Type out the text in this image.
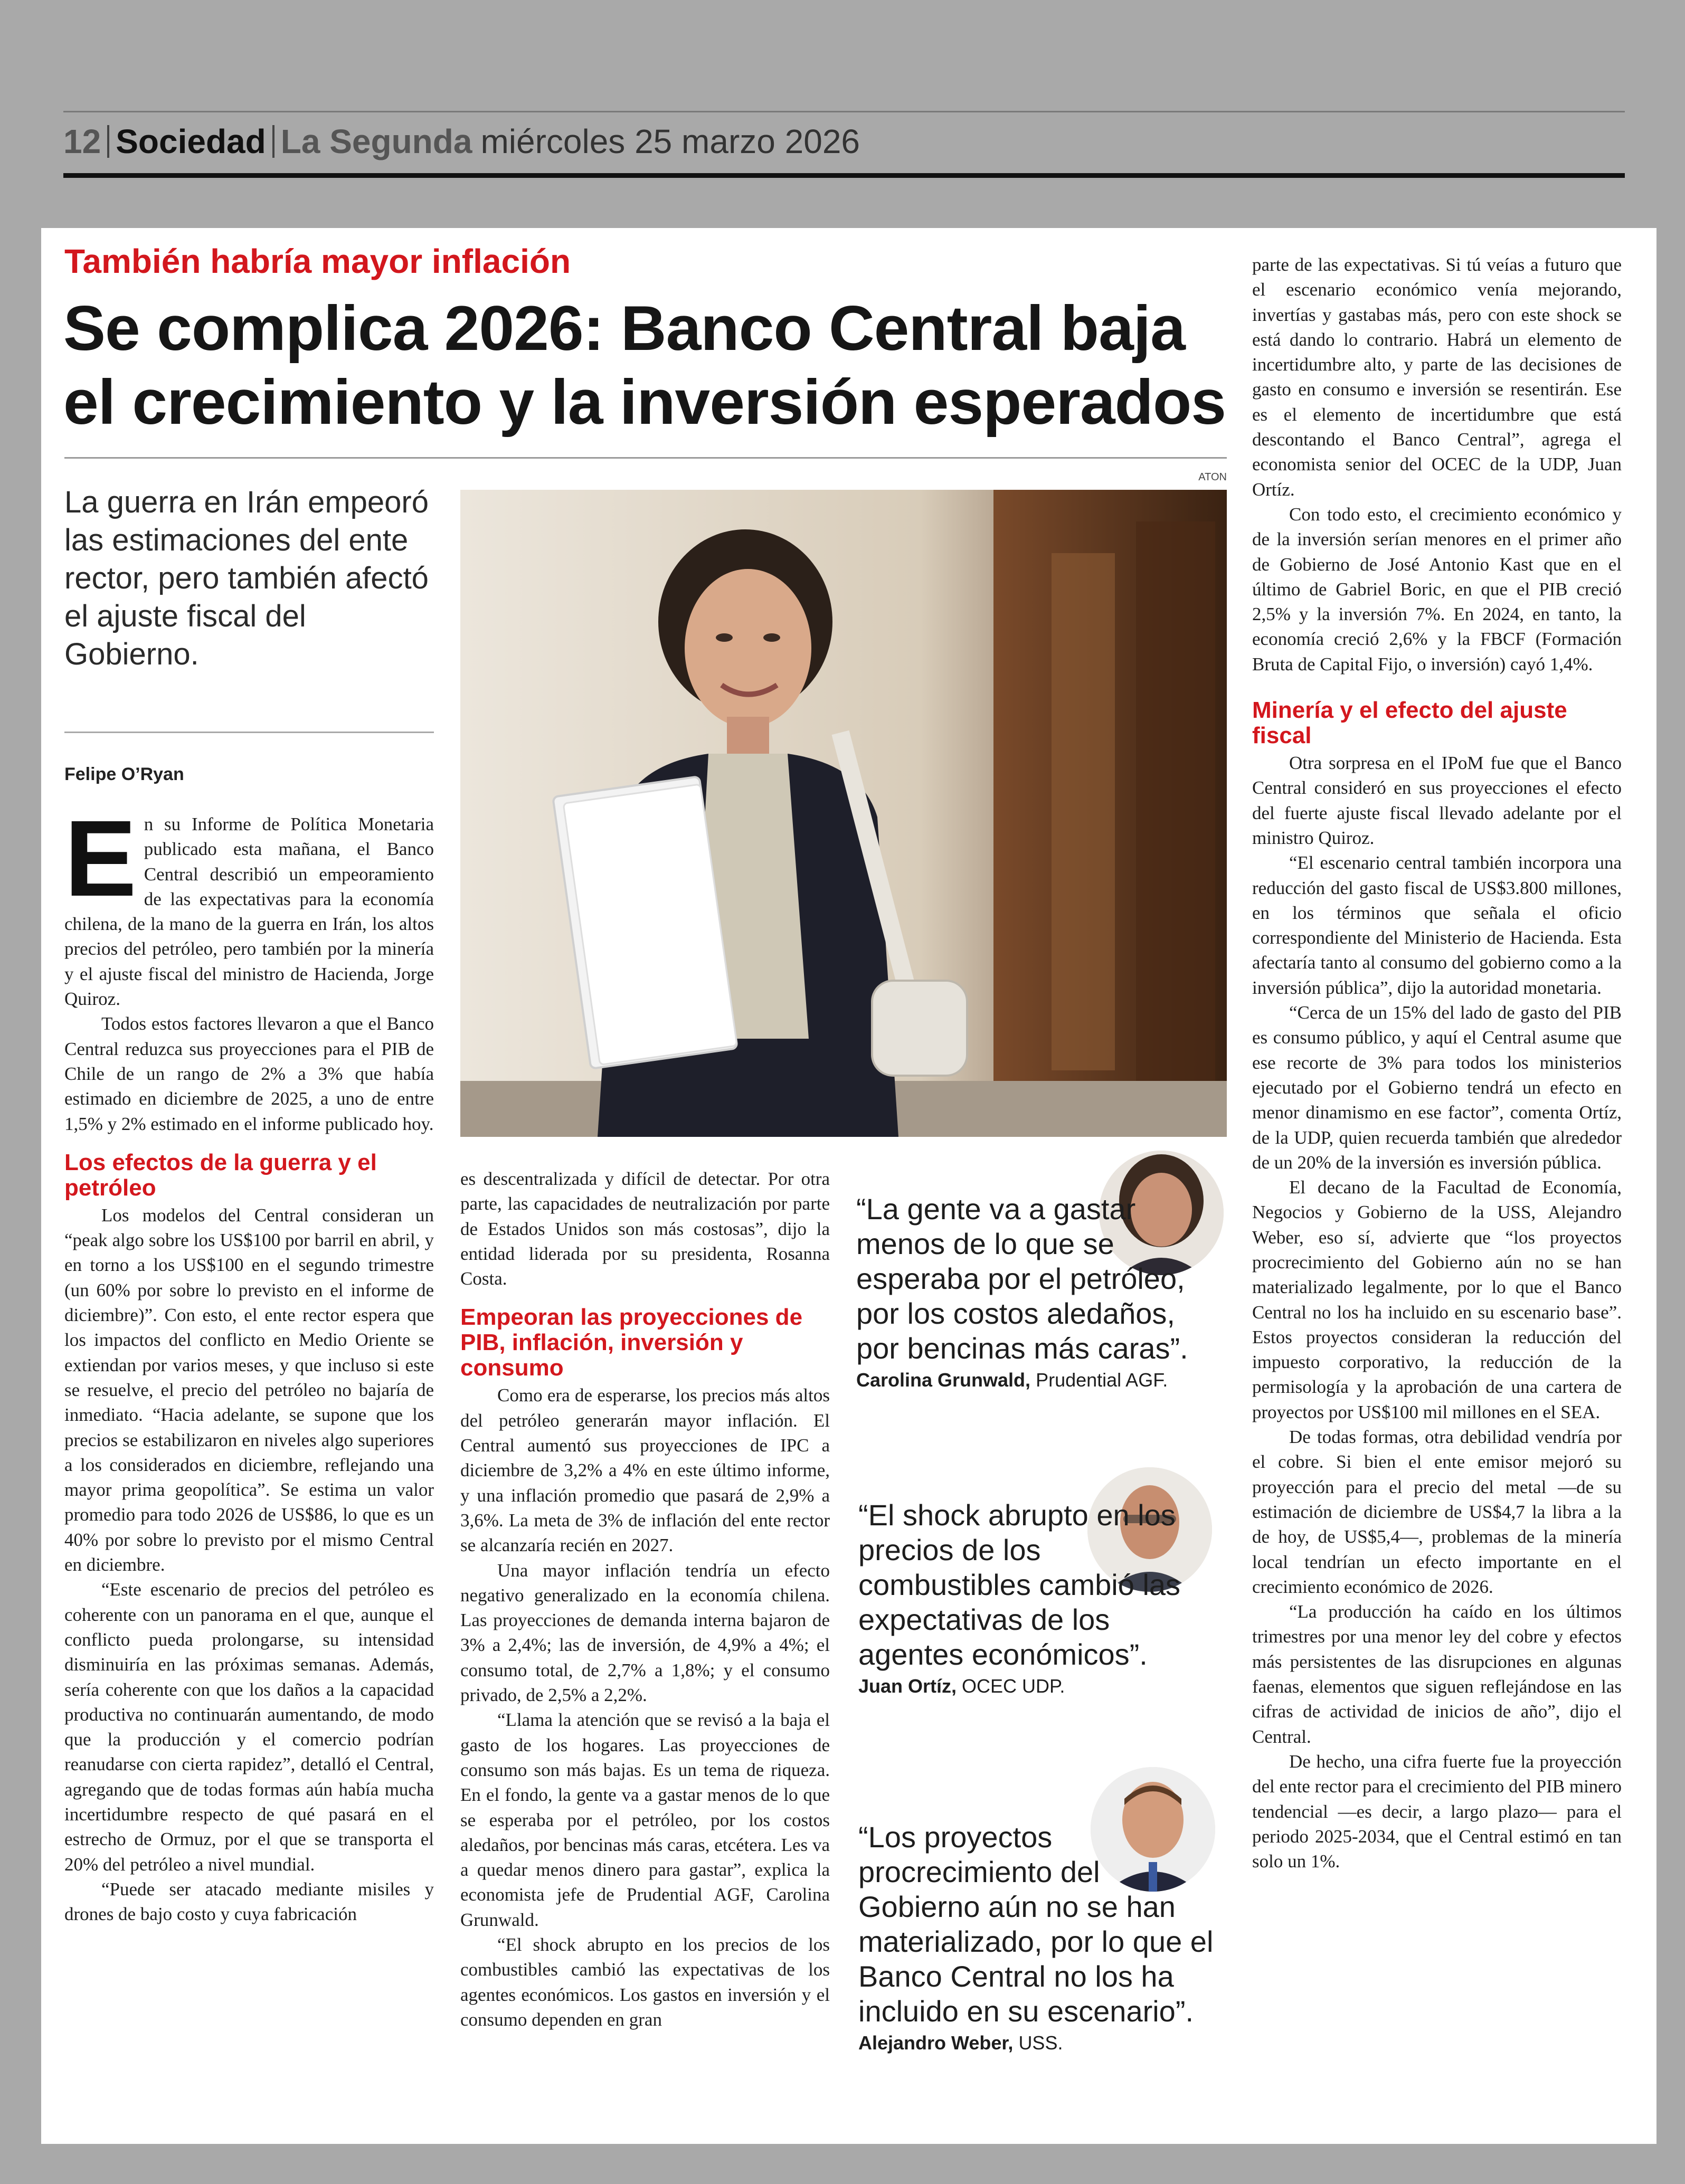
12 Sociedad La Segunda miércoles 25 marzo 2026
También habría mayor inflación
Se complica 2026: Banco Central baja el crecimiento y la inversión esperados
ATON
La guerra en Irán empeoró las estimaciones del ente rector, pero también afectó el ajuste fiscal del Gobierno.
Felipe O’Ryan
E n su Informe de Política Monetaria publicado esta mañana, el Banco Central describió un empeoramiento de las expectativas para la economía chilena, de la mano de la guerra en Irán, los altos precios del petróleo, pero también por la minería y el ajuste fiscal del ministro de Hacienda, Jorge Quiroz.

Todos estos factores llevaron a que el Banco Central reduzca sus proyecciones para el PIB de Chile de un rango de 2% a 3% que había estimado en diciembre de 2025, a uno de entre 1,5% y 2% estimado en el informe publicado hoy.

Los efectos de la guerra y el petróleo

Los modelos del Central consideran un “peak algo sobre los US$100 por barril en abril, y en torno a los US$100 en el segundo trimestre (un 60% por sobre lo previsto en el informe de diciembre)”. Con esto, el ente rector espera que los impactos del conflicto en Medio Oriente se extiendan por varios meses, y que incluso si este se resuelve, el precio del petróleo no bajaría de inmediato. “Hacia adelante, se supone que los precios se estabilizaron en niveles algo superiores a los considerados en diciembre, reflejando una mayor prima geopolítica”. Se estima un valor promedio para todo 2026 de US$86, lo que es un 40% por sobre lo previsto por el mismo Central en diciembre.

“Este escenario de precios del petróleo es coherente con un panorama en el que, aunque el conflicto pueda prolongarse, su intensidad disminuiría en las próximas semanas. Además, sería coherente con que los daños a la capacidad productiva no continuarán aumentando, de modo que la producción y el comercio podrían reanudarse con cierta rapidez”, detalló el Central, agregando que de todas formas aún había mucha incertidumbre respecto de qué pasará en el estrecho de Ormuz, por el que se transporta el 20% del petróleo a nivel mundial.

“Puede ser atacado mediante misiles y drones de bajo costo y cuya fabricación

es descentralizada y difícil de detectar. Por otra parte, las capacidades de neutralización por parte de Estados Unidos son más costosas”, dijo la entidad liderada por su presidenta, Rosanna Costa.

Empeoran las proyecciones de PIB, inflación, inversión y consumo

Como era de esperarse, los precios más altos del petróleo generarán mayor inflación. El Central aumentó sus proyecciones de IPC a diciembre de 3,2% a 4% en este último informe, y una inflación promedio que pasará de 2,9% a 3,6%. La meta de 3% de inflación del ente rector se alcanzaría recién en 2027.

Una mayor inflación tendría un efecto negativo generalizado en la economía chilena. Las proyecciones de demanda interna bajaron de 3% a 2,4%; las de inversión, de 4,9% a 4%; el consumo total, de 2,7% a 1,8%; y el consumo privado, de 2,5% a 2,2%.

“Llama la atención que se revisó a la baja el gasto de los hogares. Las proyecciones de consumo son más bajas. Es un tema de riqueza. En el fondo, la gente va a gastar menos de lo que se esperaba por el petróleo, por los costos aledaños, por bencinas más caras, etcétera. Les va a quedar menos dinero para gastar”, explica la economista jefe de Prudential AGF, Carolina Grunwald.

“El shock abrupto en los precios de los combustibles cambió las expectativas de los agentes económicos. Los gastos en inversión y el consumo dependen en gran

“La gente va a gastar menos de lo que se esperaba por el petróleo, por los costos aledaños, por bencinas más caras”.
Carolina Grunwald, Prudential AGF.
“El shock abrupto en los precios de los combustibles cambió las expectativas de los agentes económicos”.
Juan Ortíz, OCEC UDP.
“Los proyectos procrecimiento del Gobierno aún no se han materializado, por lo que el Banco Central no los ha incluido en su escenario”.
Alejandro Weber, USS.

parte de las expectativas. Si tú veías a futuro que el escenario económico venía mejorando, invertías y gastabas más, pero con este shock se está dando lo contrario. Habrá un elemento de incertidumbre alto, y parte de las decisiones de gasto en consumo e inversión se resentirán. Ese es el elemento de incertidumbre que está descontando el Banco Central”, agrega el economista senior del OCEC de la UDP, Juan Ortíz.

Con todo esto, el crecimiento económico y de la inversión serían menores en el primer año de Gobierno de José Antonio Kast que en el último de Gabriel Boric, en que el PIB creció 2,5% y la inversión 7%. En 2024, en tanto, la economía creció 2,6% y la FBCF (Formación Bruta de Capital Fijo, o inversión) cayó 1,4%.

Minería y el efecto del ajuste fiscal

Otra sorpresa en el IPoM fue que el Banco Central consideró en sus proyecciones el efecto del fuerte ajuste fiscal llevado adelante por el ministro Quiroz.

“El escenario central también incorpora una reducción del gasto fiscal de US$3.800 millones, en los términos que señala el oficio correspondiente del Ministerio de Hacienda. Esta afectaría tanto al consumo del gobierno como a la inversión pública”, dijo la autoridad monetaria.

“Cerca de un 15% del lado de gasto del PIB es consumo público, y aquí el Central asume que ese recorte de 3% para todos los ministerios ejecutado por el Gobierno tendrá un efecto en menor dinamismo en ese factor”, comenta Ortíz, de la UDP, quien recuerda también que alrededor de un 20% de la inversión es inversión pública.

El decano de la Facultad de Economía, Negocios y Gobierno de la USS, Alejandro Weber, eso sí, advierte que “los proyectos procrecimiento del Gobierno aún no se han materializado legalmente, por lo que el Banco Central no los ha incluido en su escenario base”. Estos proyectos consideran la reducción del impuesto corporativo, la reducción de la permisología y la aprobación de una cartera de proyectos por US$100 mil millones en el SEA.

De todas formas, otra debilidad vendría por el cobre. Si bien el ente emisor mejoró su proyección para el precio del metal —de su estimación de diciembre de US$4,7 la libra a la de hoy, de US$5,4—, problemas de la minería local tendrían un efecto importante en el crecimiento económico de 2026.

“La producción ha caído en los últimos trimestres por una menor ley del cobre y efectos más persistentes de las disrupciones en algunas faenas, elementos que siguen reflejándose en las cifras de actividad de inicios de año”, dijo el Central.

De hecho, una cifra fuerte fue la proyección del ente rector para el crecimiento del PIB minero tendencial —es decir, a largo plazo— para el periodo 2025-2034, que el Central estimó en tan solo un 1%.
